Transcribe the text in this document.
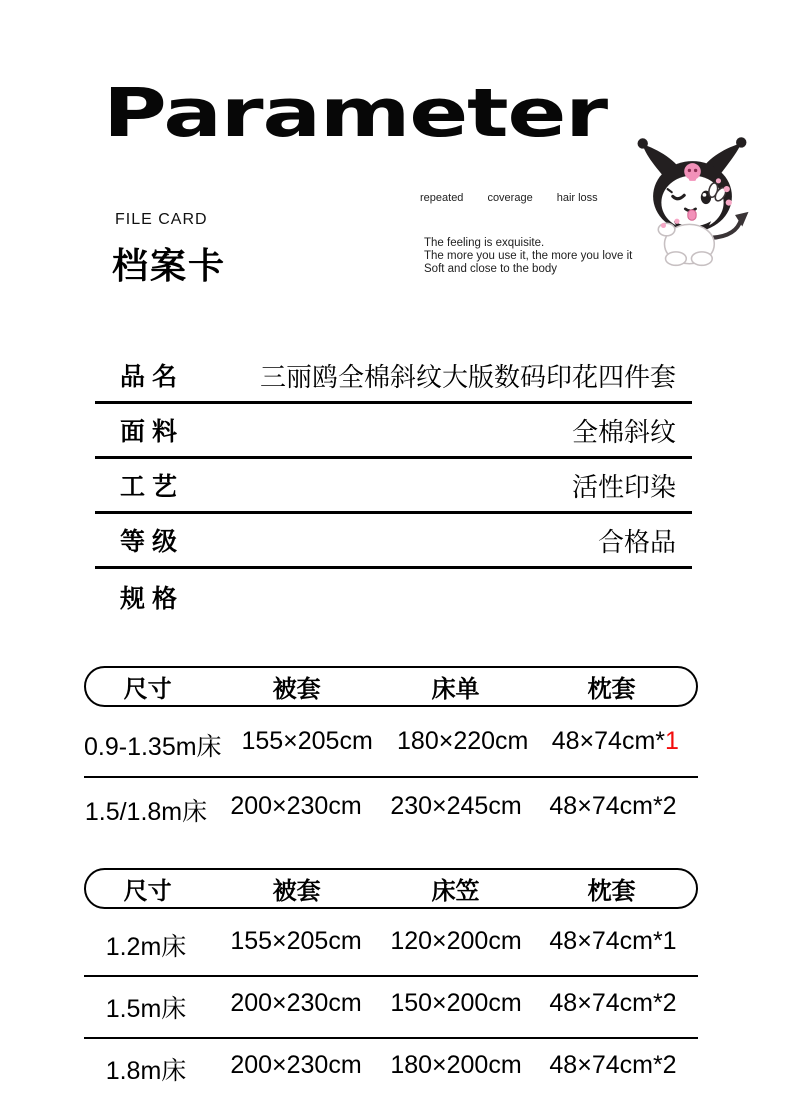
Parameter
FILE CARD
档案卡
repeated coverage hair loss
The feeling is exquisite.
The more you use it, the more you love it
Soft and close to the body
品 名	三丽鸥全棉斜纹大版数码印花四件套
面 料	全棉斜纹
工 艺	活性印染
等 级	合格品
规 格
尺寸	被套	床单	枕套
0.9-1.35m床 155×205cm 180×220cm 48×74cm*1
1.5/1.8m床 200×230cm	230×245cm	48×74cm*2
尺寸	被套	床笠	枕套
1.2m床	155×205cm	120×200cm	48×74cm*1
1.5m床	200×230cm	150×200cm	48×74cm*2
1.8m床	200×230cm	180×200cm	48×74cm*2
